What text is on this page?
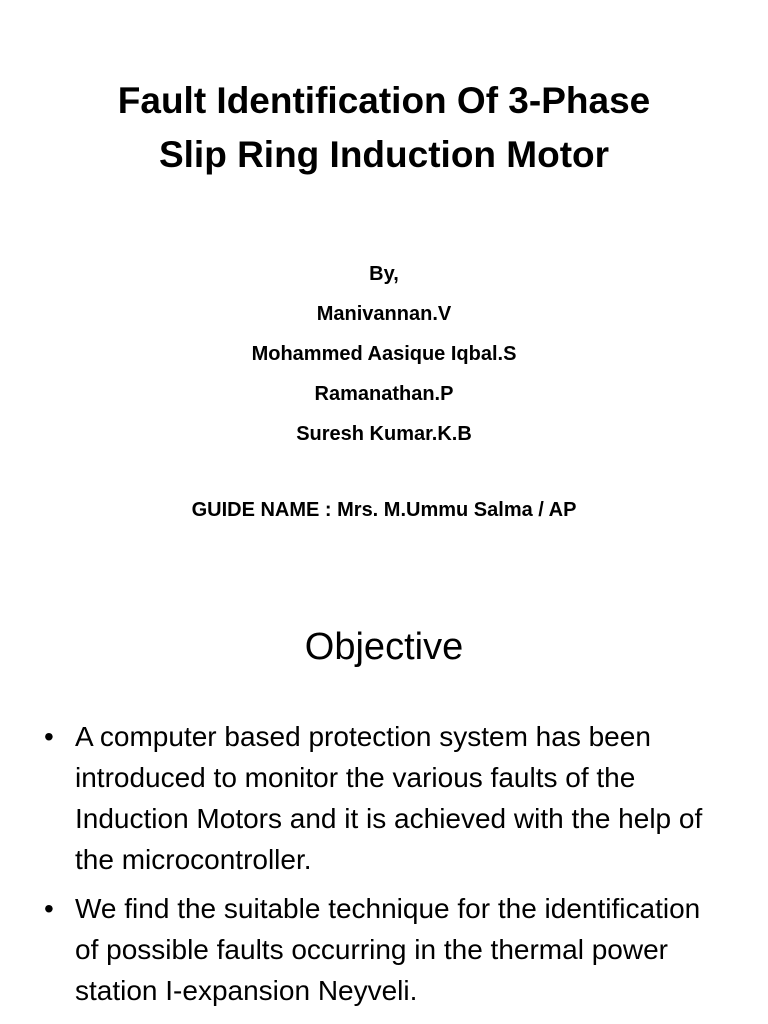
Fault Identification Of 3-Phase
Slip Ring Induction Motor
By,
Manivannan.V
Mohammed Aasique Iqbal.S
Ramanathan.P
Suresh Kumar.K.B
GUIDE NAME : Mrs. M.Ummu Salma / AP
Objective
• A computer based protection system has been introduced to monitor the various faults of the Induction Motors and it is achieved with the help of the microcontroller.
• We find the suitable technique for the identification of possible faults occurring in the thermal power station I-expansion Neyveli.
